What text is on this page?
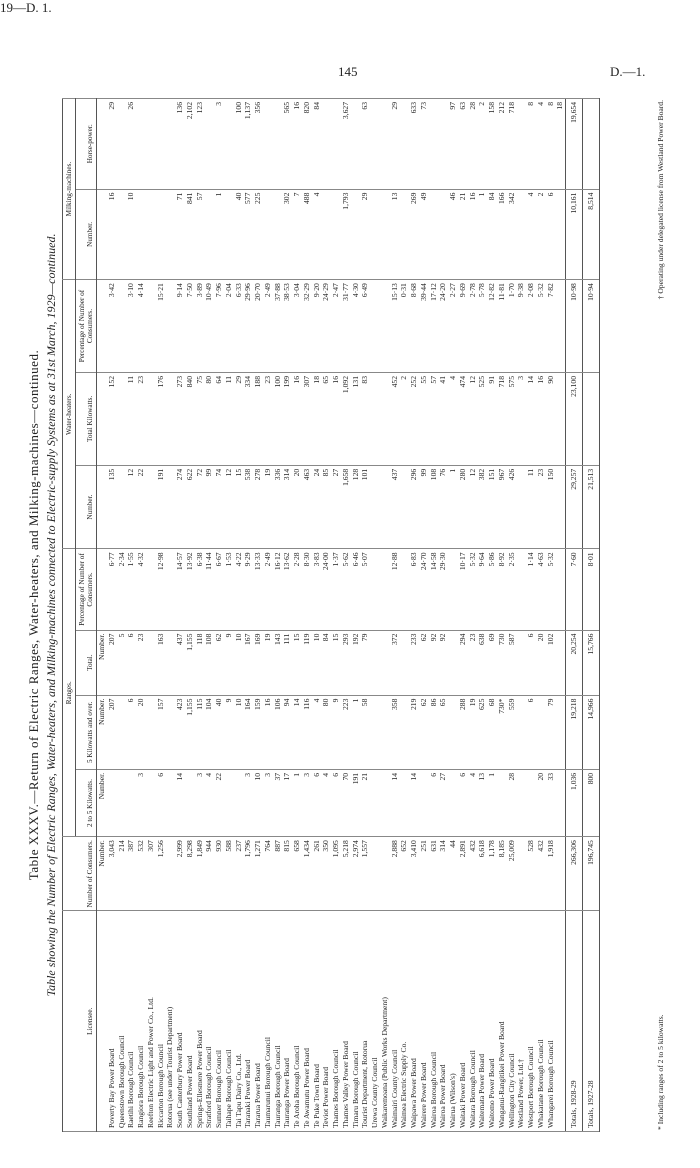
145	D.—1.
19—D. 1.
Table XXXV.—Return of Electric Ranges, Water-heaters, and Milking-machines—continued. Table showing the Number of Electric Ranges, Water-heaters, and Milking-machines connected to Electric-supply Systems as at 31st March, 1929—continued.
Licensee.	Number of Consumers.	Ranges.				Water-heaters.			Milking-machines.	
		2 to 5 Kilowatts.	5 Kilowatts and over.	Total.	Percentage of Number of Consumers.	Number.	Total Kilowatts.	Percentage of Number of Consumers.	Number.	Horse-power.
	Number.	Number.	Number.	Number.						
Poverty Bay Power Board	3,043		207	207	6·77	135	152	3·42	16	29
Queenstown Borough Council	214			5	2·34					
Raetihi Borough Council	387		6	6	1·55	12	11	3·10	10	26
Rangiora Borough Council	532	3	20	23	4·32	22	23	4·14		
Reefton Electric Light and Power Co., Ltd.	307									
Riccarton Borough Council	1,256	6	157	163	12·98	191	176	15·21		
Rotorua (see under Tourist Department)										
South Canterbury Power Board	2,999	14	423	437	14·57	274	273	9·14	71	136
Southland Power Board	8,298		1,155	1,155	13·92	622	840	7·50	841	2,102
Springs-Ellesmere Power Board	1,849	3	115	118	6·38	72	75	3·89	57	123
Stratford Borough Council	944	4	104	108	11·44	99	80	10·49		
Sumner Borough Council	930	22	40	62	6·67	74	64	7·96	1	3
Taihape Borough Council	588		9	9	1·53	12	11	2·04		
Tai Tapu Dairy Co., Ltd.	237		10	10	4·22	15	29	6·33	40	100
Taranaki Power Board	1,796	3	164	167	9·29	538	334	29·96	577	1,137
Tararua Power Board	1,271	10	159	169	13·33	278	188	20·70	225	356
Taumarunui Borough Council	764	3	16	19	2·49	19	23	2·49		
Tauranga Borough Council	887	37	106	143	16·12	336	100	37·88		
Tauranga Power Board	815	17	94	111	13·62	314	199	38·53	302	565
Te Aroha Borough Council	658	1	14	15	2·28	20	16	3·04	7	16
Te Awamutu Power Board	1,434	3	116	119	8·30	463	307	32·29	488	820
Te Puke Town Board	261	6	4	10	3·83	24	18	9·20	4	84
Teviot Power Board	350	4	80	84	24·00	85	65	24·29		
Thames Borough Council	1,095	6	9	15	1·37	27	16	2·47		
Thames Valley Power Board	5,218	70	223	293	5·62	1,658	1,092	31·77	1,793	3,627
Timaru Borough Council	2,974	191	1	192	6·46	128	131	4·30		
Tourist Department, Rotorua	1,557	21	58	79	5·07	101	83	6·49	29	63
Urewa County Council										
Waikaremoana (Public Works Department)										
Waimairi County Council	2,888	14	358	372	12·88	437	452	15·13	13	29
Waimea Electric Supply Co.	652						2	0·31		
Waipawa Power Board	3,410	14	219	233	6·83	296	252	8·68	269	633
Wairere Power Board	251		62	62	24·70	99	55	39·44	49	73
Wairoa Borough Council	631	6	86	92	14·58	108	57	17·12		
Wairoa Power Board	314	27	65	92	29·30	76	41	24·20		
Wairua (Wilson's)	44					1	4	2·27	46	97
Waitaki Power Board	2,891	6	288	294	10·17	280	474	9·69	21	63
Waitara Borough Council	432	4	19	23	5·32	12	12	2·78	16	28
Waitemata Power Board	6,618	13	625	638	9·64	382	525	5·78	1	2
Waitomo Power Board	1,178	1	68	69	5·86	151	91	12·82	84	158
Wanganui-Rangitikei Power Board	8,185		730*	730	8·92	967	718	11·81	166	212
Wellington City Council	25,009	28	559	587	2·35	426	575	1·70	342	718
Westland Power, Ltd.†							3	9·38		
Westport Borough Council	528		6	6	1·14	11	14	2·08	4	8
Whakatane Borough Council	432	20		20	4·63	23	16	5·32	2	4
Whangarei Borough Council	1,918	33	79	102	5·32	150	90	7·82	6	8
										18
Totals, 1928-29	266,306	1,036	19,218	20,254	7·60	29,257	23,100	10·98	10,161	19,654
Totals, 1927-28	196,745	800	14,966	15,766	8·01	21,513		10·94	8,514	
* Including ranges of 2 to 5 kilowatts.
† Operating under delegated license from Westland Power Board.
